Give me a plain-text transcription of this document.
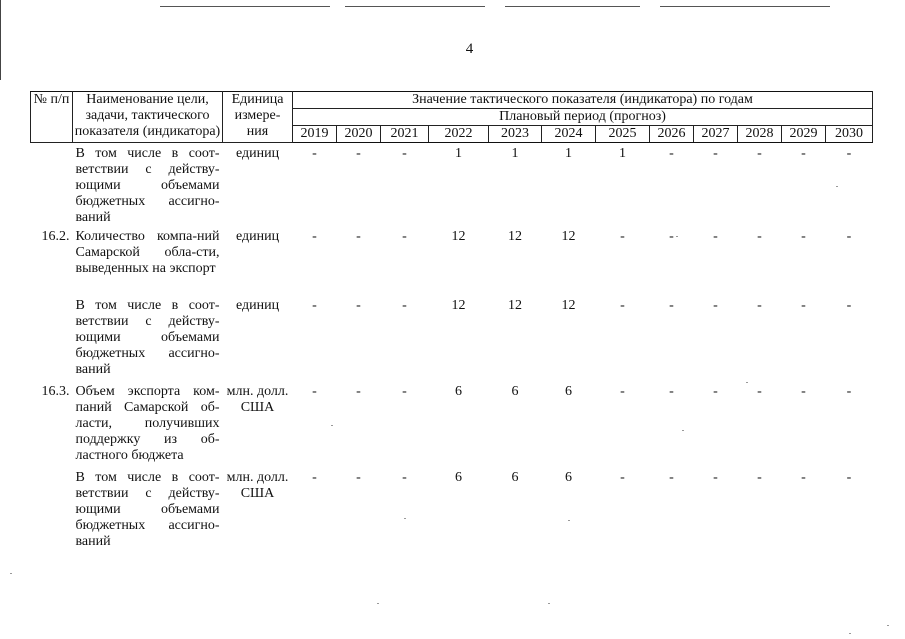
4
№ п/п	Наименование цели, задачи, тактического показателя (индикатора)	Единица измере-ния	Значение тактического показателя (индикатора) по годам											
			Плановый период (прогноз)											
			2019	2020	2021	2022	2023	2024	2025	2026	2027	2028	2029	2030
	В том числе в соот-ветствии с действу-ющими объемами бюджетных ассигно-ваний	единиц	-	-	-	1	1	1	1	-	-	-	-	-
16.2.	Количество компа-ний Самарской обла-сти, выведенных на экспорт	единиц	-	-	-	12	12	12	-	-	-	-	-	-
	В том числе в соот-ветствии с действу-ющими объемами бюджетных ассигно-ваний	единиц	-	-	-	12	12	12	-	-	-	-	-	-
16.3.	Объем экспорта ком-паний Самарской об-ласти, получивших поддержку из об-ластного бюджета	млн. долл. США	-	-	-	6	6	6	-	-	-	-	-	-
	В том числе в соот-ветствии с действу-ющими объемами бюджетных ассигно-ваний	млн. долл. США	-	-	-	6	6	6	-	-	-	-	-	-
